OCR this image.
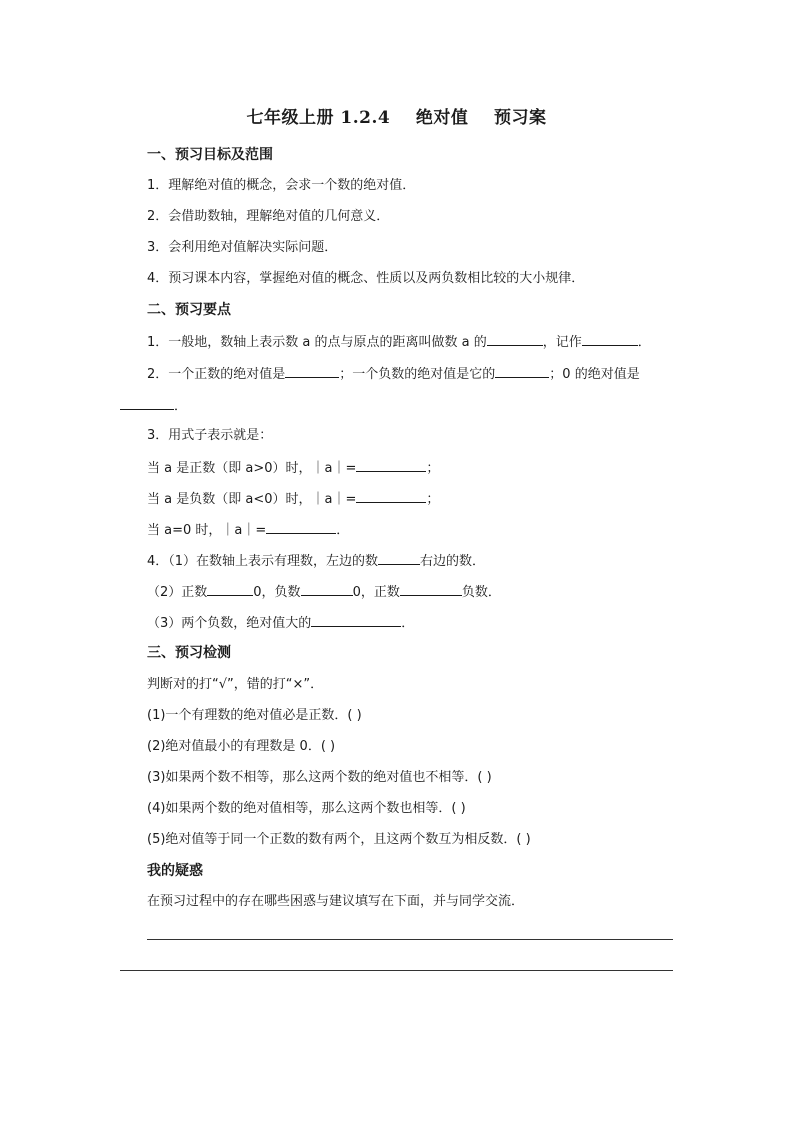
七年级上册 1.2.4    绝对值    预习案
一、预习目标及范围
1．理解绝对值的概念，会求一个数的绝对值．
2．会借助数轴，理解绝对值的几何意义．
3．会利用绝对值解决实际问题．
4．预习课本内容，掌握绝对值的概念、性质以及两负数相比较的大小规律．
二、预习要点
1．一般地，数轴上表示数 a 的点与原点的距离叫做数 a 的	，记作	．
2．一个正数的绝对值是	；一个负数的绝对值是它的	；0 的绝对值是
．
3．用式子表示就是：
当 a 是正数（即 a>0）时，｜a｜=	；
当 a 是负数（即 a<0）时，｜a｜=	；
当 a=0 时，｜a｜=	．
4．（1）在数轴上表示有理数，左边的数	右边的数．
（2）正数	0，负数	0，正数	负数．
（3）两个负数，绝对值大的	．
三、预习检测
判断对的打“√”，错的打“×”．
(1)一个有理数的绝对值必是正数．( )
(2)绝对值最小的有理数是 0．( )
(3)如果两个数不相等，那么这两个数的绝对值也不相等．( )
(4)如果两个数的绝对值相等，那么这两个数也相等．( )
(5)绝对值等于同一个正数的数有两个，且这两个数互为相反数．( )
我的疑惑
在预习过程中的存在哪些困惑与建议填写在下面，并与同学交流．
